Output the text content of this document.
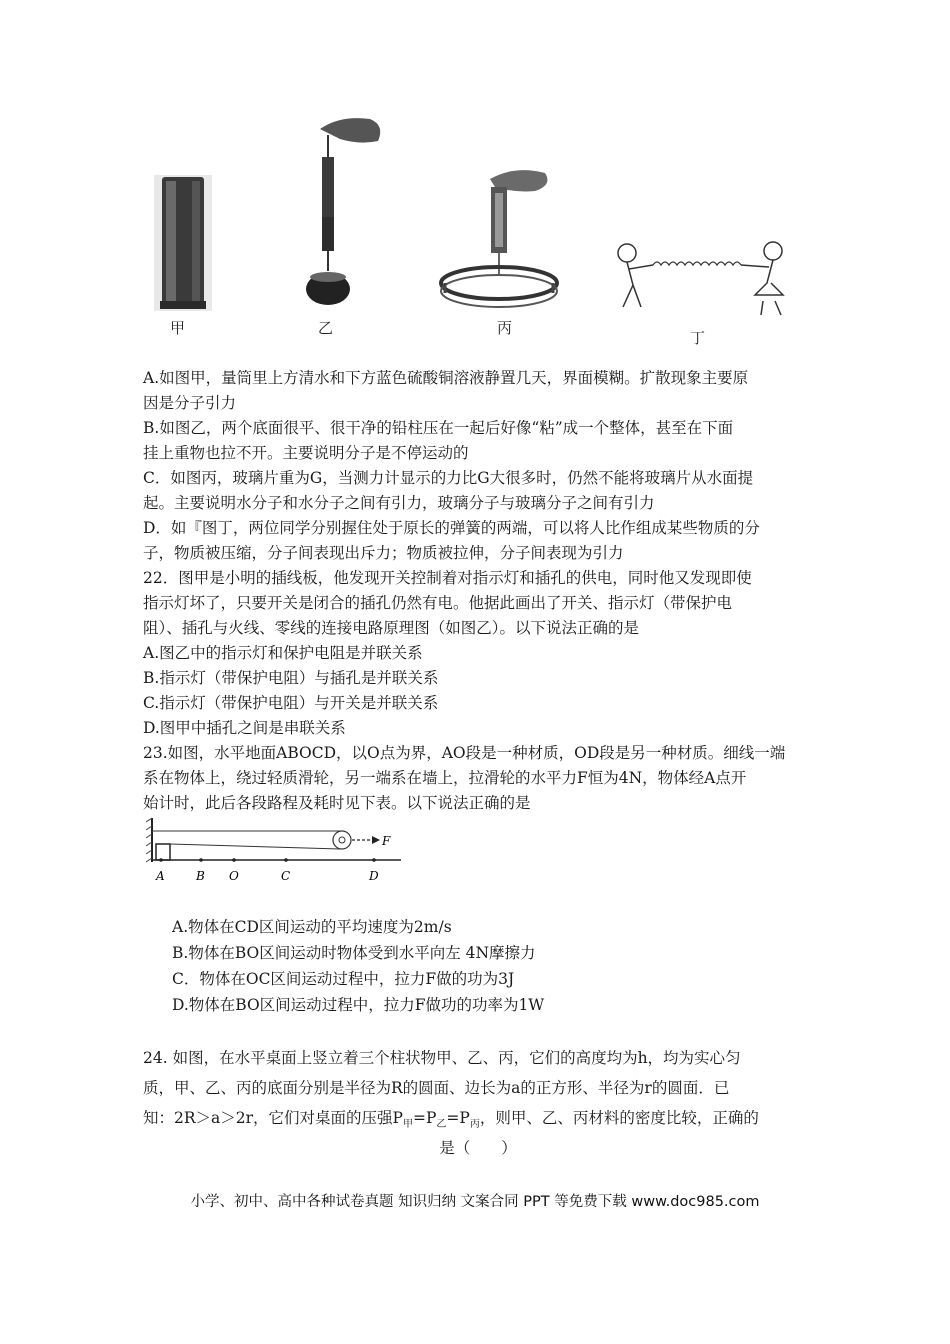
甲	乙	丙
丁
A.如图甲，量筒里上方清水和下方蓝色硫酸铜溶液静置几天，界面模糊。扩散现象主要原
因是分子引力
B.如图乙，两个底面很平、很干净的铅柱压在一起后好像“粘”成一个整体，甚至在下面
挂上重物也拉不开。主要说明分子是不停运动的
C．如图丙，玻璃片重为G，当测力计显示的力比G大很多时，仍然不能将玻璃片从水面提
起。主要说明水分子和水分子之间有引力，玻璃分子与玻璃分子之间有引力
D．如『图丁，两位同学分别握住处于原长的弹簧的两端，可以将人比作组成某些物质的分
子，物质被压缩，分子间表现出斥力；物质被拉伸，分子间表现为引力
22．图甲是小明的插线板，他发现开关控制着对指示灯和插孔的供电，同时他又发现即使
指示灯坏了，只要开关是闭合的插孔仍然有电。他据此画出了开关、指示灯（带保护电
阻）、插孔与火线、零线的连接电路原理图（如图乙）。以下说法正确的是
A.图乙中的指示灯和保护电阻是并联关系
B.指示灯（带保护电阻）与插孔是并联关系
C.指示灯（带保护电阻）与开关是并联关系
D.图甲中插孔之间是串联关系
23.如图，水平地面ABOCD，以O点为界，AO段是一种材质，OD段是另一种材质。细线一端
系在物体上，绕过轻质滑轮，另一端系在墙上，拉滑轮的水平力F恒为4N，物体经A点开
始计时，此后各段路程及耗时见下表。以下说法正确的是
F
A	B O	C	D
A.物体在CD区间运动的平均速度为2m/s
B.物体在BO区间运动时物体受到水平向左 4N摩擦力
C．物体在OC区间运动过程中，拉力F做的功为3J
D.物体在BO区间运动过程中，拉力F做功的功率为1W
24. 如图，在水平桌面上竖立着三个柱状物甲、乙、丙，它们的高度均为h，均为实心匀
质，甲、乙、丙的底面分别是半径为R的圆面、边长为a的正方形、半径为r的圆面．已
知：2R＞a＞2r，它们对桌面的压强$P_甲=P_乙=P_丙$，则甲、乙、丙材料的密度比较，正确的
是（　　）
小学、初中、高中各种试卷真题 知识归纳 文案合同 PPT 等免费下载 www.doc985.com
